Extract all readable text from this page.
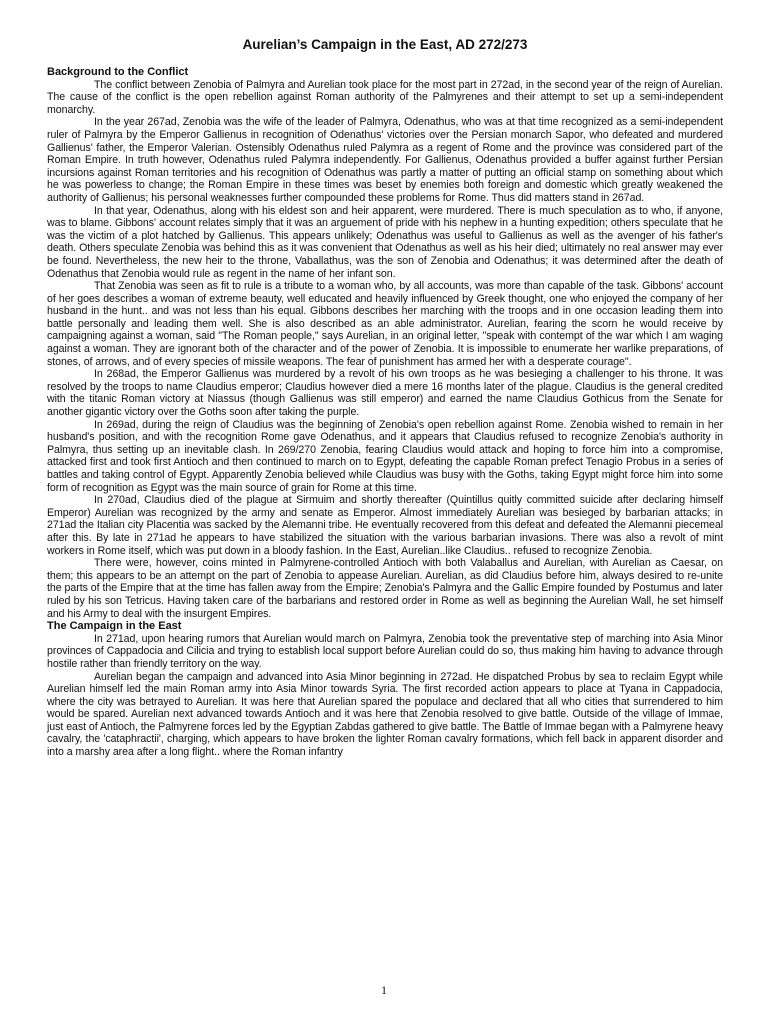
Aurelian’s Campaign in the East, AD 272/273
Background to the Conflict

The conflict between Zenobia of Palmyra and Aurelian took place for the most part in 272ad, in the second year of the reign of Aurelian. The cause of the conflict is the open rebellion against Roman authority of the Palmyrenes and their attempt to set up a semi-independent monarchy.

In the year 267ad, Zenobia was the wife of the leader of Palmyra, Odenathus, who was at that time recognized as a semi-independent ruler of Palmyra by the Emperor Gallienus in recognition of Odenathus' victories over the Persian monarch Sapor, who defeated and murdered Gallienus' father, the Emperor Valerian. Ostensibly Odenathus ruled Palymra as a regent of Rome and the province was considered part of the Roman Empire. In truth however, Odenathus ruled Palymra independently. For Gallienus, Odenathus provided a buffer against further Persian incursions against Roman territories and his recognition of Odenathus was partly a matter of putting an official stamp on something about which he was powerless to change; the Roman Empire in these times was beset by enemies both foreign and domestic which greatly weakened the authority of Gallienus; his personal weaknesses further compounded these problems for Rome. Thus did matters stand in 267ad.

In that year, Odenathus, along with his eldest son and heir apparent, were murdered. There is much speculation as to who, if anyone, was to blame. Gibbons' account relates simply that it was an arguement of pride with his nephew in a hunting expedition; others speculate that he was the victim of a plot hatched by Gallienus. This appears unlikely; Odenathus was useful to Gallienus as well as the avenger of his father's death. Others speculate Zenobia was behind this as it was convenient that Odenathus as well as his heir died; ultimately no real answer may ever be found. Nevertheless, the new heir to the throne, Vaballathus, was the son of Zenobia and Odenathus; it was determined after the death of Odenathus that Zenobia would rule as regent in the name of her infant son.

That Zenobia was seen as fit to rule is a tribute to a woman who, by all accounts, was more than capable of the task. Gibbons' account of her goes describes a woman of extreme beauty, well educated and heavily influenced by Greek thought, one who enjoyed the company of her husband in the hunt.. and was not less than his equal. Gibbons describes her marching with the troops and in one occasion leading them into battle personally and leading them well. She is also described as an able administrator. Aurelian, fearing the scorn he would receive by campaigning against a woman, said "The Roman people," says Aurelian, in an original letter, "speak with contempt of the war which I am waging against a woman. They are ignorant both of the character and of the power of Zenobia. It is impossible to enumerate her warlike preparations, of stones, of arrows, and of every species of missile weapons. The fear of punishment has armed her with a desperate courage".

In 268ad, the Emperor Gallienus was murdered by a revolt of his own troops as he was besieging a challenger to his throne. It was resolved by the troops to name Claudius emperor; Claudius however died a mere 16 months later of the plague. Claudius is the general credited with the titanic Roman victory at Niassus (though Gallienus was still emperor) and earned the name Claudius Gothicus from the Senate for another gigantic victory over the Goths soon after taking the purple.

In 269ad, during the reign of Claudius was the beginning of Zenobia's open rebellion against Rome. Zenobia wished to remain in her husband's position, and with the recognition Rome gave Odenathus, and it appears that Claudius refused to recognize Zenobia's authority in Palmyra, thus setting up an inevitable clash. In 269/270 Zenobia, fearing Claudius would attack and hoping to force him into a compromise, attacked first and took first Antioch and then continued to march on to Egypt, defeating the capable Roman prefect Tenagio Probus in a series of battles and taking control of Egypt. Apparently Zenobia believed while Claudius was busy with the Goths, taking Egypt might force him into some form of recognition as Egypt was the main source of grain for Rome at this time.

In 270ad, Claudius died of the plague at Sirmuim and shortly thereafter (Quintillus quitly committed suicide after declaring himself Emperor) Aurelian was recognized by the army and senate as Emperor. Almost immediately Aurelian was besieged by barbarian attacks; in 271ad the Italian city Placentia was sacked by the Alemanni tribe. He eventually recovered from this defeat and defeated the Alemanni piecemeal after this. By late in 271ad he appears to have stabilized the situation with the various barbarian invasions. There was also a revolt of mint workers in Rome itself, which was put down in a bloody fashion. In the East, Aurelian..like Claudius.. refused to recognize Zenobia.

There were, however, coins minted in Palmyrene-controlled Antioch with both Valaballus and Aurelian, with Aurelian as Caesar, on them; this appears to be an attempt on the part of Zenobia to appease Aurelian. Aurelian, as did Claudius before him, always desired to re-unite the parts of the Empire that at the time has fallen away from the Empire; Zenobia's Palmyra and the Gallic Empire founded by Postumus and later ruled by his son Tetricus. Having taken care of the barbarians and restored order in Rome as well as beginning the Aurelian Wall, he set himself and his Army to deal with the insurgent Empires.

The Campaign in the East

In 271ad, upon hearing rumors that Aurelian would march on Palmyra, Zenobia took the preventative step of marching into Asia Minor provinces of Cappadocia and Cilicia and trying to establish local support before Aurelian could do so, thus making him having to advance through hostile rather than friendly territory on the way.

Aurelian began the campaign and advanced into Asia Minor beginning in 272ad. He dispatched Probus by sea to reclaim Egypt while Aurelian himself led the main Roman army into Asia Minor towards Syria. The first recorded action appears to place at Tyana in Cappadocia, where the city was betrayed to Aurelian. It was here that Aurelian spared the populace and declared that all who cities that surrendered to him would be spared. Aurelian next advanced towards Antioch and it was here that Zenobia resolved to give battle. Outside of the village of Immae, just east of Antioch, the Palmyrene forces led by the Egyptian Zabdas gathered to give battle. The Battle of Immae began with a Palmyrene heavy cavalry, the 'cataphractii', charging, which appears to have broken the lighter Roman cavalry formations, which fell back in apparent disorder and into a marshy area after a long flight.. where the Roman infantry

1
